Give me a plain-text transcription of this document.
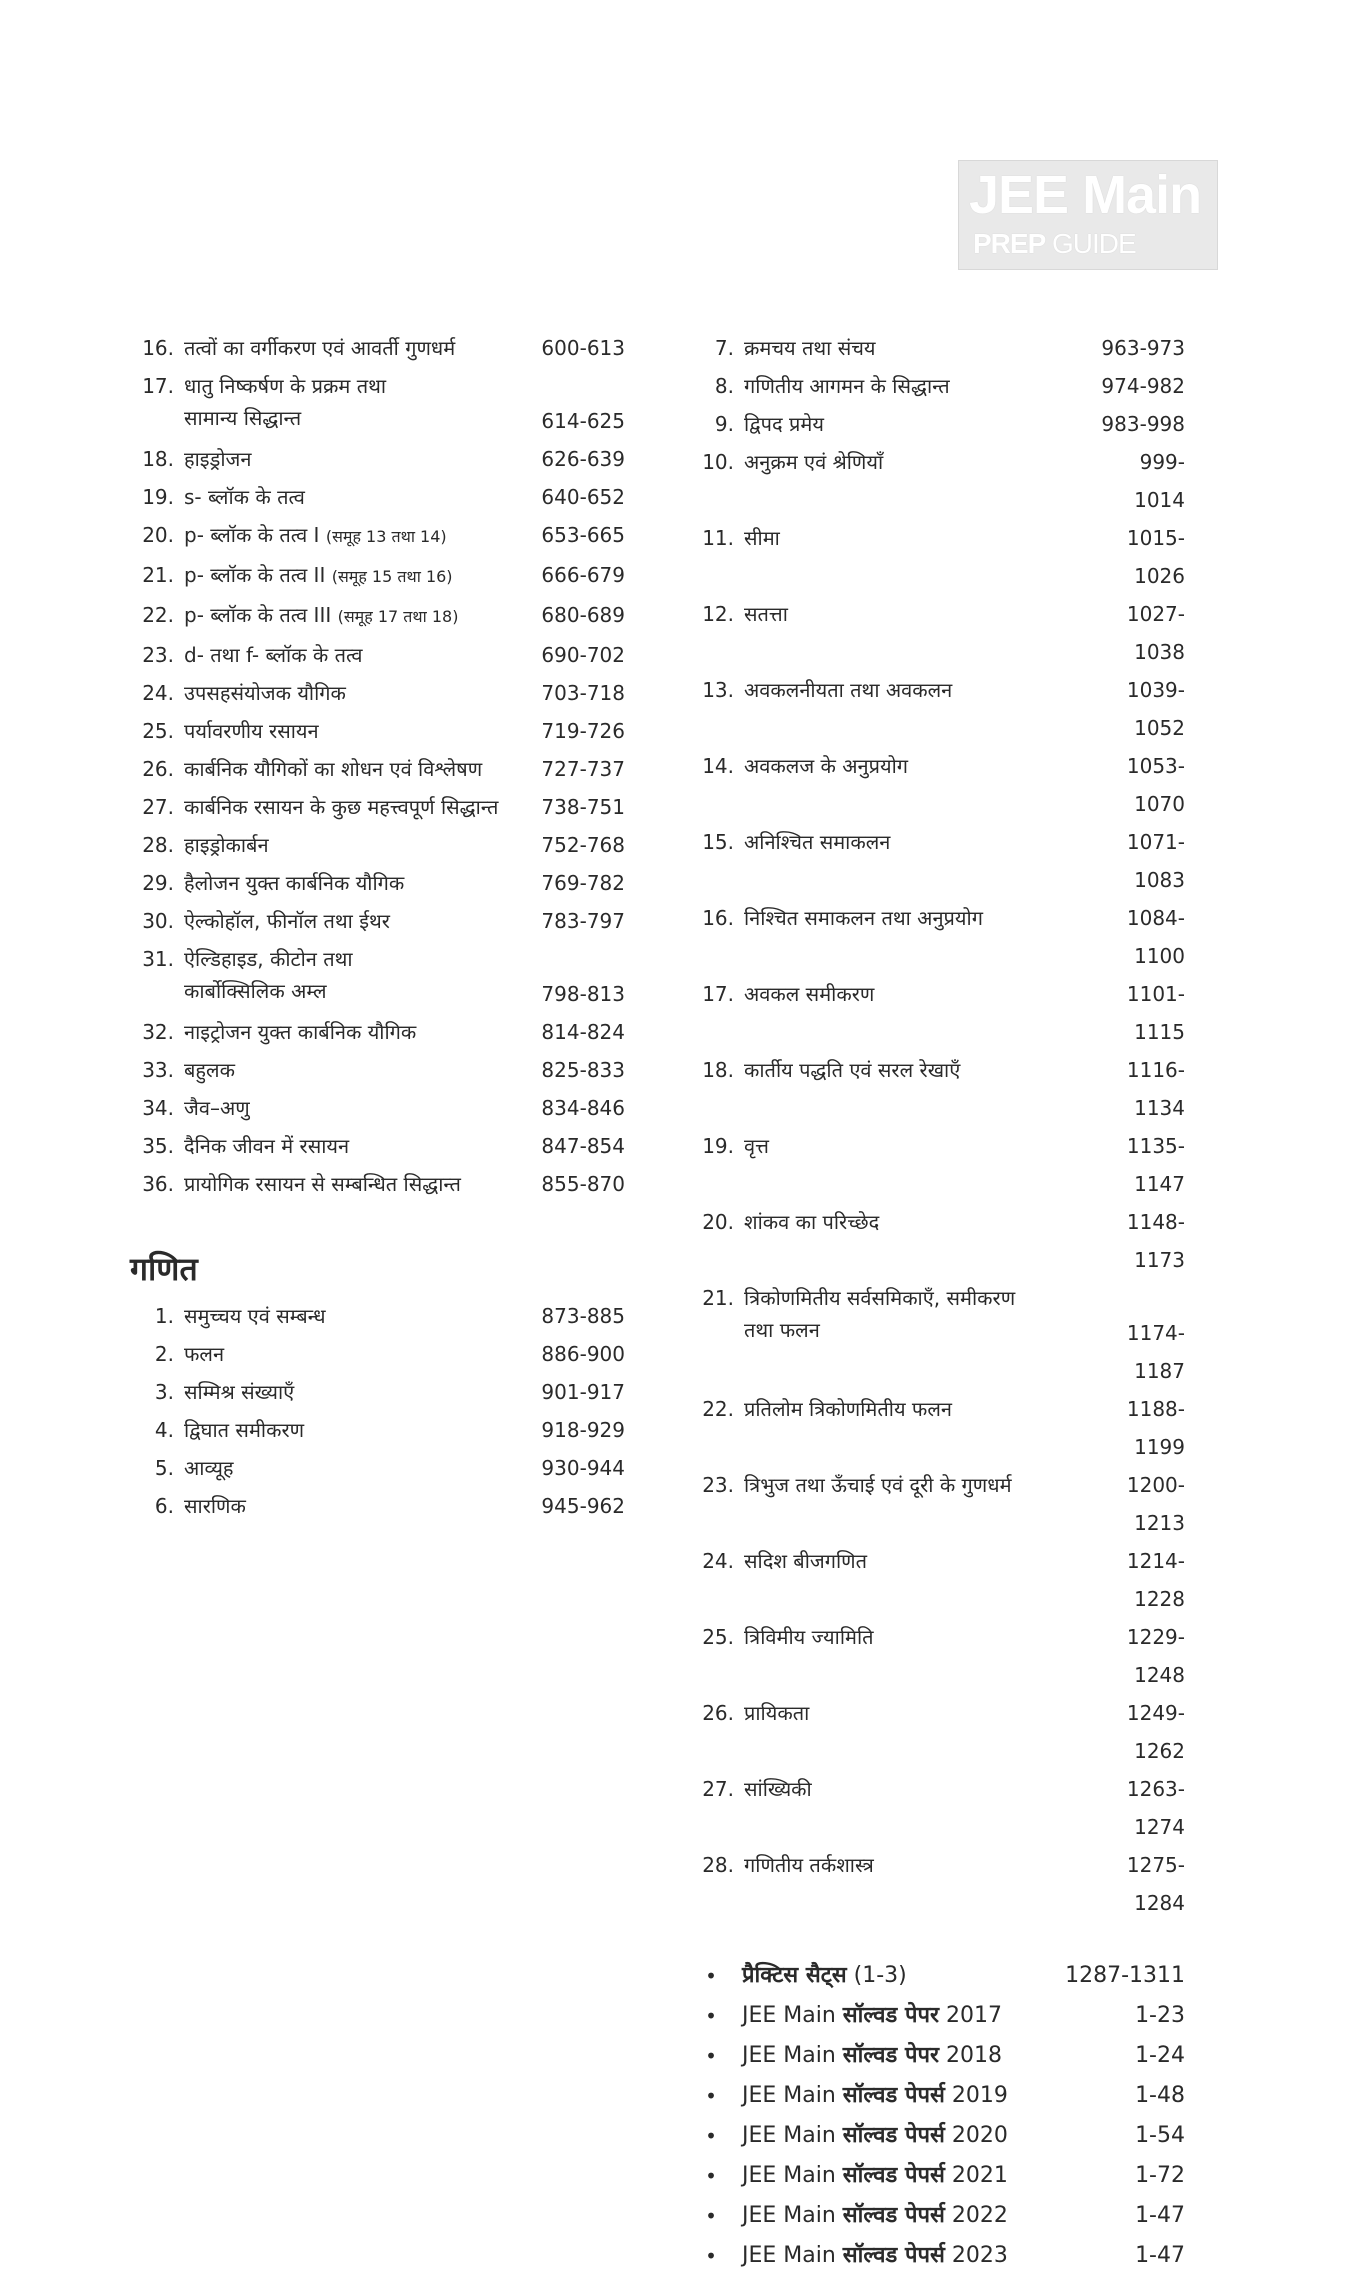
JEE Main
PREP GUIDE
16. तत्वों का वर्गीकरण एवं आवर्ती गुणधर्म	600-613
17. धातु निष्कर्षण के प्रक्रम तथा
सामान्य सिद्धान्त	614-625
18. हाइड्रोजन	626-639
19. s- ब्लॉक के तत्व	640-652
20. p- ब्लॉक के तत्व I (समूह 13 तथा 14)	653-665
21. p- ब्लॉक के तत्व II (समूह 15 तथा 16)	666-679
22. p- ब्लॉक के तत्व III (समूह 17 तथा 18)	680-689
23. d- तथा f- ब्लॉक के तत्व	690-702
24. उपसहसंयोजक यौगिक	703-718
25. पर्यावरणीय रसायन	719-726
26. कार्बनिक यौगिकों का शोधन एवं विश्लेषण	727-737
27. कार्बनिक रसायन के कुछ महत्त्वपूर्ण सिद्धान्त	738-751
28. हाइड्रोकार्बन	752-768
29. हैलोजन युक्त कार्बनिक यौगिक	769-782
30. ऐल्कोहॉल, फीनॉल तथा ईथर	783-797
31. ऐल्डिहाइड, कीटोन तथा
कार्बोक्सिलिक अम्ल	798-813
32. नाइट्रोजन युक्त कार्बनिक यौगिक	814-824
33. बहुलक	825-833
34. जैव–अणु	834-846
35. दैनिक जीवन में रसायन	847-854
36. प्रायोगिक रसायन से सम्बन्धित सिद्धान्त	855-870
गणित
1. समुच्चय एवं सम्बन्ध	873-885
2. फलन	886-900
3. सम्मिश्र संख्याएँ	901-917
4. द्विघात समीकरण	918-929
5. आव्यूह	930-944
6. सारणिक	945-962
7. क्रमचय तथा संचय	963-973
8. गणितीय आगमन के सिद्धान्त	974-982
9. द्विपद प्रमेय	983-998
10. अनुक्रम एवं श्रेणियाँ	999-1014
11. सीमा	1015-1026
12. सतत्ता	1027-1038
13. अवकलनीयता तथा अवकलन	1039-1052
14. अवकलज के अनुप्रयोग	1053-1070
15. अनिश्चित समाकलन	1071-1083
16. निश्चित समाकलन तथा अनुप्रयोग	1084-1100
17. अवकल समीकरण	1101-1115
18. कार्तीय पद्धति एवं सरल रेखाएँ	1116-1134
19. वृत्त	1135-1147
20. शांकव का परिच्छेद	1148-1173
21. त्रिकोणमितीय सर्वसमिकाएँ, समीकरण
तथा फलन	1174-1187
22. प्रतिलोम त्रिकोणमितीय फलन	1188-1199
23. त्रिभुज तथा ऊँचाई एवं दूरी के गुणधर्म	1200-1213
24. सदिश बीजगणित	1214-1228
25. त्रिविमीय ज्यामिति	1229-1248
26. प्रायिकता	1249-1262
27. सांख्यिकी	1263-1274
28. गणितीय तर्कशास्त्र	1275-1284
•	प्रैक्टिस सैट्स (1-3)	1287-1311
•	JEE Main सॉल्वड पेपर 2017	1-23
•	JEE Main सॉल्वड पेपर 2018	1-24
•	JEE Main सॉल्वड पेपर्स 2019	1-48
•	JEE Main सॉल्वड पेपर्स 2020	1-54
•	JEE Main सॉल्वड पेपर्स 2021	1-72
•	JEE Main सॉल्वड पेपर्स 2022	1-47
•	JEE Main सॉल्वड पेपर्स 2023	1-47
